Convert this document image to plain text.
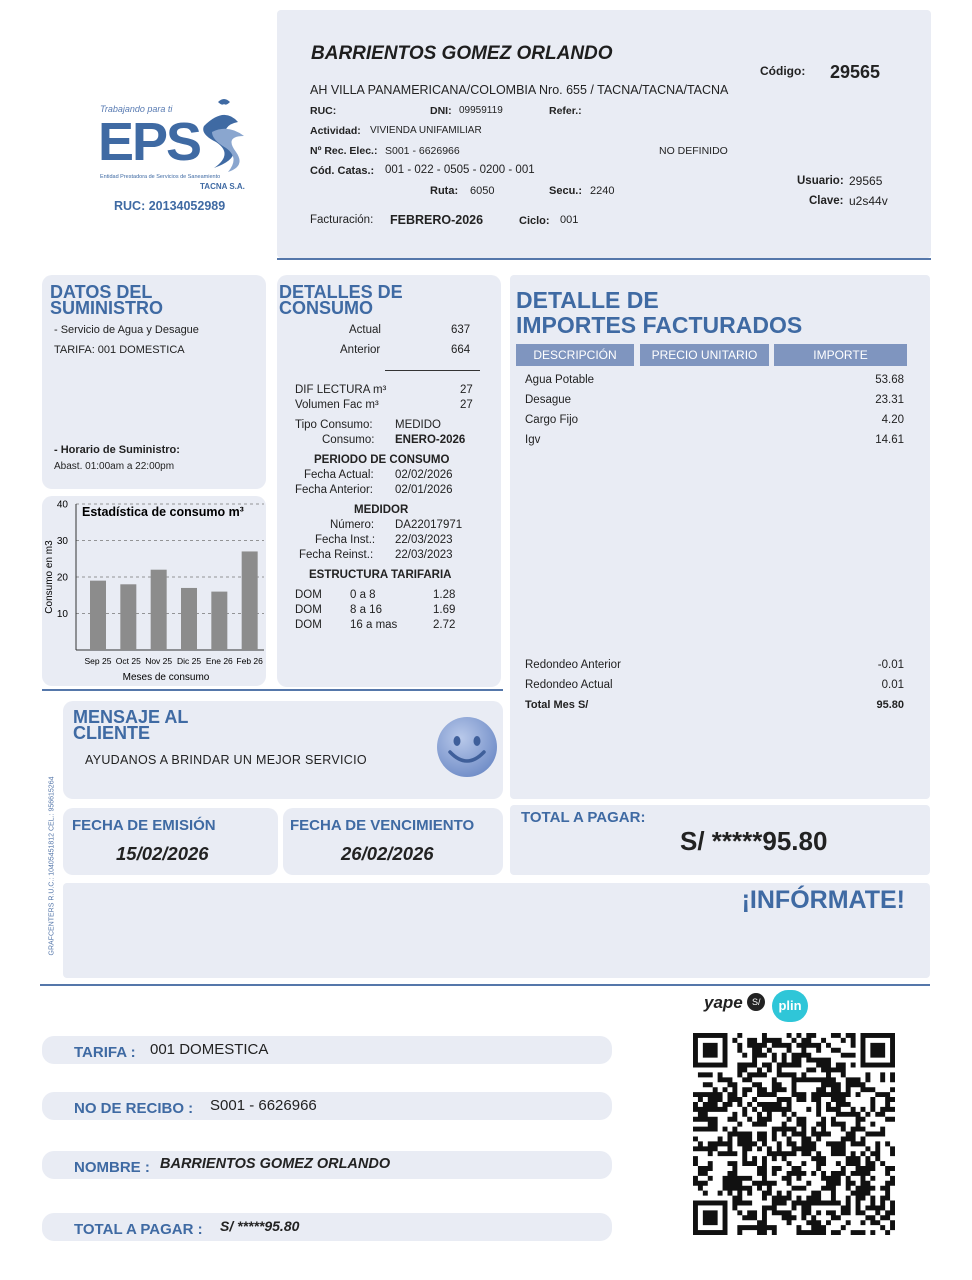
Trabajando para ti
EPS
Entidad Prestadora de Servicios de Saneamiento
TACNA S.A.
RUC: 20134052989
BARRIENTOS GOMEZ ORLANDO
Código: 29565
AH VILLA PANAMERICANA/COLOMBIA Nro. 655 / TACNA/TACNA/TACNA
RUC:	DNI: 09959119	Refer.:
Actividad: VIVIENDA UNIFAMILIAR
Nº Rec. Elec.: S001 - 6626966	NO DEFINIDO
Cód. Catas.: 001 - 022 - 0505 - 0200 - 001
Ruta: 6050	Secu.: 2240
Usuario: 29565
Clave: u2s44v
Facturación: FEBRERO-2026	Ciclo: 001
DATOS DEL
SUMINISTRO
- Servicio de Agua y Desague
TARIFA: 001 DOMESTICA
- Horario de Suministro:
Abast. 01:00am a 22:00pm
10
20
30
40 Estadística de consumo m³
Consumo en m3
Sep 25 Oct 25 Nov 25 Dic 25 Ene 26 Feb 26
Meses de consumo
DETALLES DE
CONSUMO
Actual	637
Anterior	664
DIF LECTURA m³	27
Volumen Fac m³	27
Tipo Consumo: MEDIDO
Consumo: ENERO-2026
PERIODO DE CONSUMO
Fecha Actual: 02/02/2026
Fecha Anterior: 02/01/2026
MEDIDOR
Número: DA22017971
Fecha Inst.: 22/03/2023
Fecha Reinst.: 22/03/2023
ESTRUCTURA TARIFARIA
DOM 0 a 8	1.28
DOM 8 a 16	1.69
DOM 16 a mas	2.72
DETALLE DE
IMPORTES FACTURADOS
DESCRIPCIÓN	PRECIO UNITARIO	IMPORTE
Agua Potable	53.68
Desague	23.31
Cargo Fijo	4.20
Igv	14.61
Redondeo Anterior	-0.01
Redondeo Actual	0.01
Total Mes S/	95.80
MENSAJE AL
CLIENTE
AYUDANOS A BRINDAR UN MEJOR SERVICIO
GRAFCENTERS R.U.C.: 10405451812 CEL.: 956615264 FECHA DE EMISIÓN
15/02/2026
FECHA DE VENCIMIENTO
26/02/2026
TOTAL A PAGAR:
S/ *****95.80
¡INFÓRMATE!
yape S/	plin
TARIFA : 001 DOMESTICA
NO DE RECIBO : S001 - 6626966
NOMBRE : BARRIENTOS GOMEZ ORLANDO
TOTAL A PAGAR : S/ *****95.80
